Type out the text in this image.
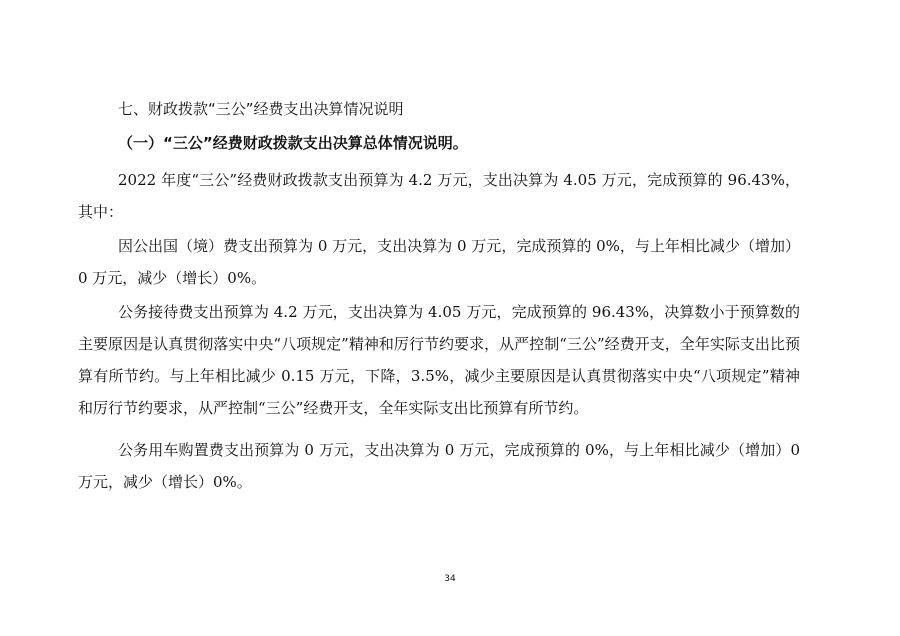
七、财政拨款“三公”经费支出决算情况说明
（一）“三公”经费财政拨款支出决算总体情况说明。

2022 年度“三公”经费财政拨款支出预算为 4.2 万元，支出决算为 4.05 万元，完成预算的 96.43%，其中：

因公出国（境）费支出预算为 0 万元，支出决算为 0 万元，完成预算的 0%，与上年相比减少（增加）0 万元，减少（增长）0%。

公务接待费支出预算为 4.2 万元，支出决算为 4.05 万元，完成预算的 96.43%，决算数小于预算数的主要原因是认真贯彻落实中央“八项规定”精神和厉行节约要求，从严控制“三公”经费开支，全年实际支出比预算有所节约。与上年相比减少 0.15 万元，下降，3.5%，减少主要原因是认真贯彻落实中央“八项规定”精神和厉行节约要求，从严控制“三公”经费开支，全年实际支出比预算有所节约。

公务用车购置费支出预算为 0 万元，支出决算为 0 万元，完成预算的 0%，与上年相比减少（增加）0 万元，减少（增长）0%。

34
